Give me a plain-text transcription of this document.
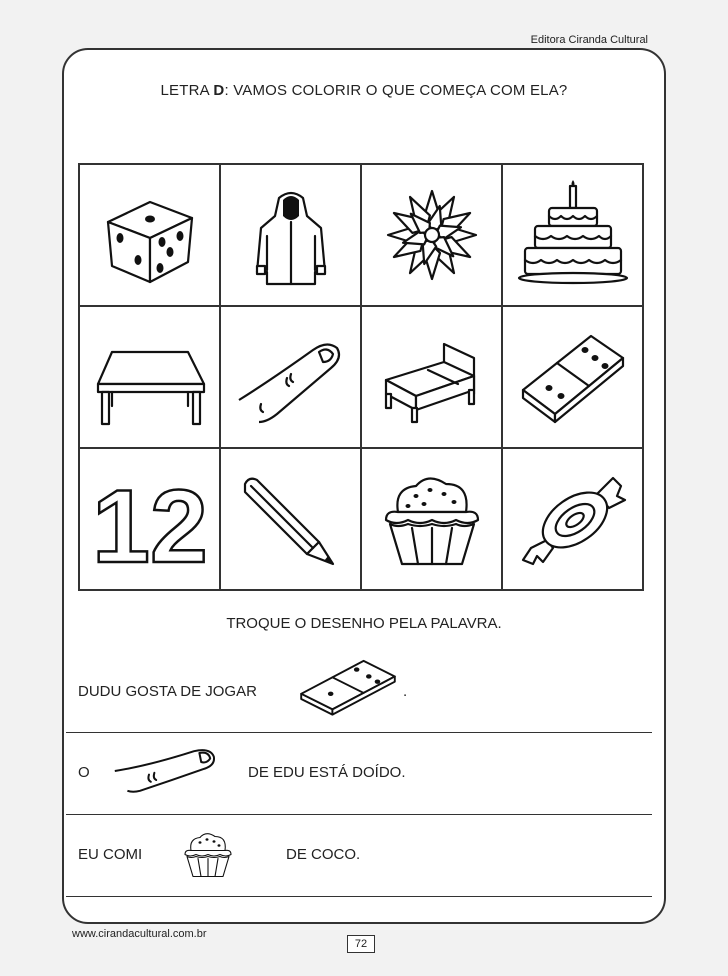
Editora Ciranda Cultural
LETRA D: VAMOS COLORIR O QUE COMEÇA COM ELA?
12
TROQUE O DESENHO PELA PALAVRA.
DUDU GOSTA DE JOGAR	.
O	DE EDU ESTÁ DOÍDO.
EU COMI	DE COCO.
www.cirandacultural.com.br
72
